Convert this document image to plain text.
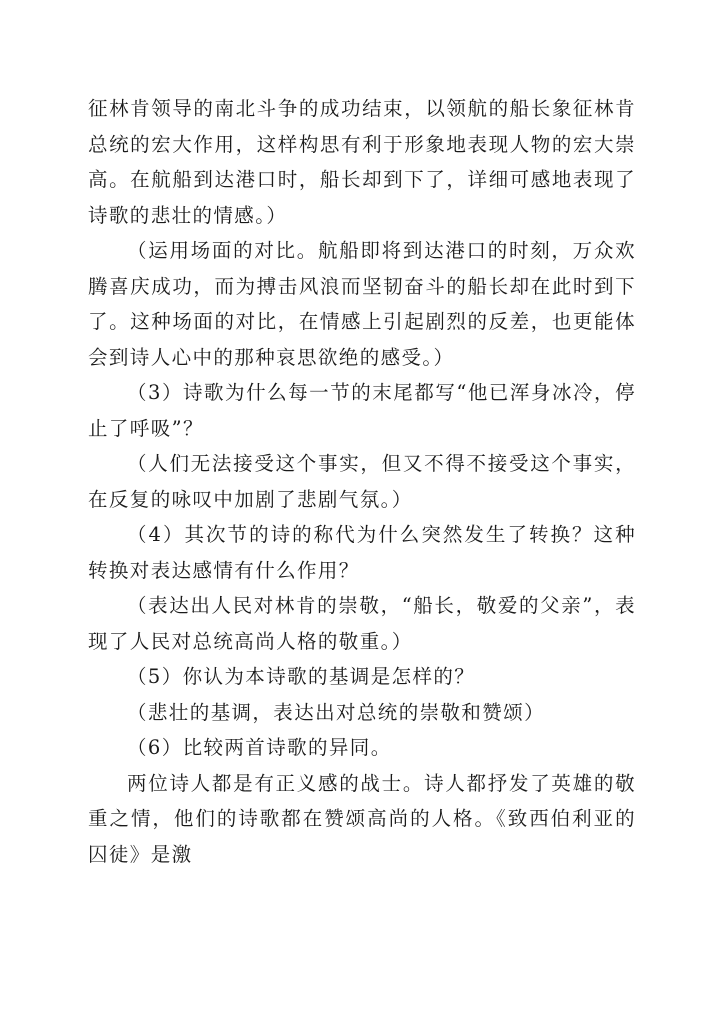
征林肯领导的南北斗争的成功结束，以领航的船长象征林肯总统的宏大作用，这样构思有利于形象地表现人物的宏大崇高。在航船到达港口时，船长却到下了，详细可感地表现了诗歌的悲壮的情感。）

（运用场面的对比。航船即将到达港口的时刻，万众欢腾喜庆成功，而为搏击风浪而坚韧奋斗的船长却在此时到下了。这种场面的对比，在情感上引起剧烈的反差，也更能体会到诗人心中的那种哀思欲绝的感受。）

（3）诗歌为什么每一节的末尾都写“他已浑身冰冷，停止了呼吸”？

（人们无法接受这个事实，但又不得不接受这个事实，在反复的咏叹中加剧了悲剧气氛。）

（4）其次节的诗的称代为什么突然发生了转换？这种转换对表达感情有什么作用？

（表达出人民对林肯的崇敬，“船长，敬爱的父亲”，表现了人民对总统高尚人格的敬重。）

（5）你认为本诗歌的基调是怎样的？

（悲壮的基调，表达出对总统的崇敬和赞颂）

（6）比较两首诗歌的异同。

两位诗人都是有正义感的战士。诗人都抒发了英雄的敬重之情，他们的诗歌都在赞颂高尚的人格。《致西伯利亚的囚徒》是激
